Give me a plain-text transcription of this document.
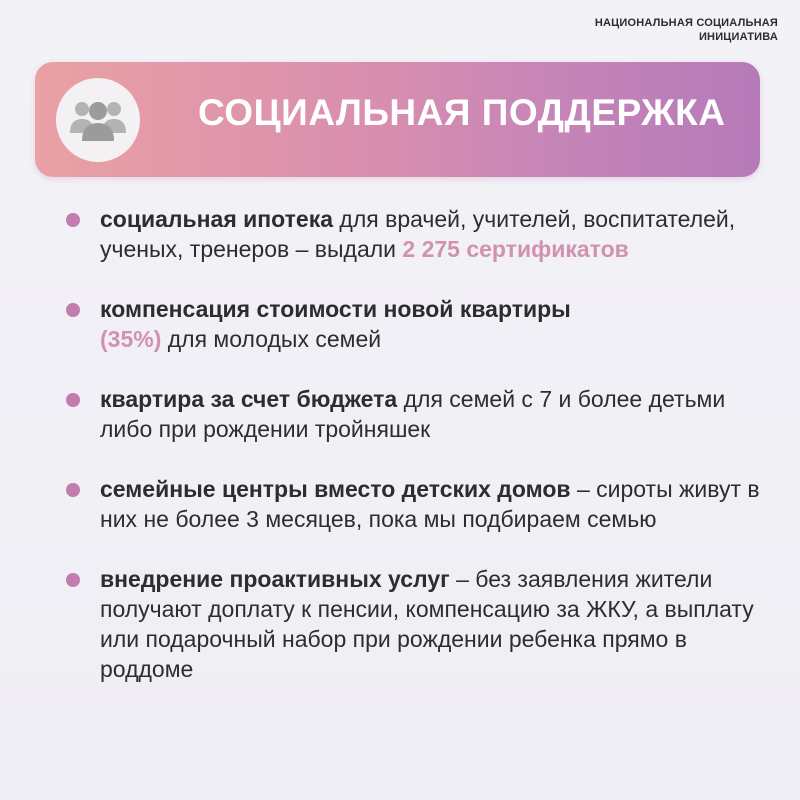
НАЦИОНАЛЬНАЯ СОЦИАЛЬНАЯ
ИНИЦИАТИВА
СОЦИАЛЬНАЯ ПОДДЕРЖКА
социальная ипотека для врачей, учителей, воспитателей, ученых, тренеров – выдали 2 275 сертификатов
компенсация стоимости новой квартиры
(35%) для молодых семей
квартира за счет бюджета для семей с 7 и более детьми либо при рождении тройняшек
семейные центры вместо детских домов – сироты живут в них не более 3 месяцев, пока мы подбираем семью
внедрение проактивных услуг – без заявления жители получают доплату к пенсии, компенсацию за ЖКУ, а выплату или подарочный набор при рождении ребенка прямо в роддоме
